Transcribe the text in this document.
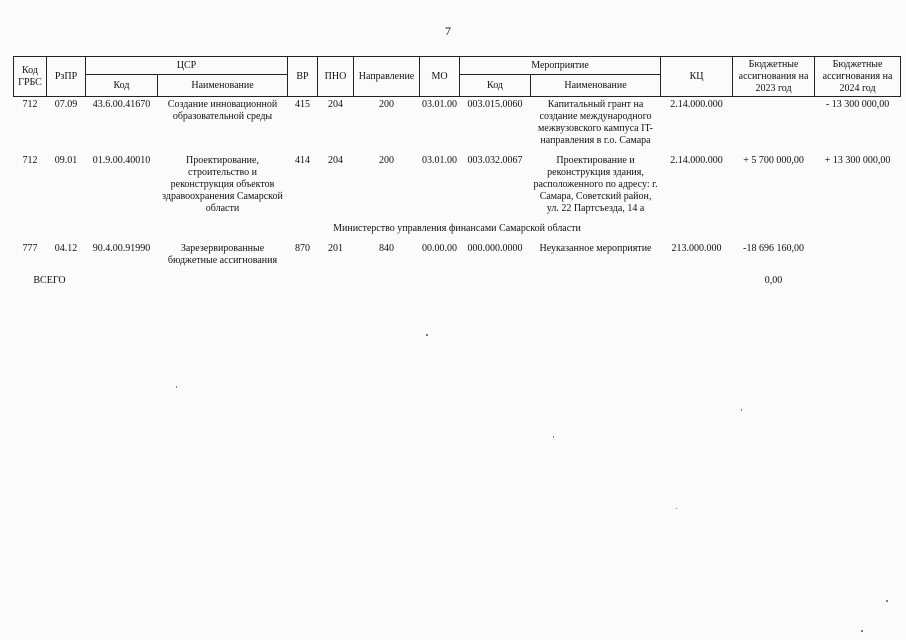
7
Код ГРБС	РзПР	ЦСР		ВР	ПНО	Направление	МО	Мероприятие		КЦ	Бюджетные ассигнования на 2023 год	Бюджетные ассигнования на 2024 год
		Код	Наименование					Код	Наименование			
712	07.09	43.6.00.41670	Создание инновационной образовательной среды	415	204	200	03.01.00	003.015.0060	Капитальный грант на создание международного межвузовского кампуса IT-направления в г.о. Самара	2.14.000.000		- 13 300 000,00
712	09.01	01.9.00.40010	Проектирование, строительство и реконструкция объектов здравоохранения Самарской области	414	204	200	03.01.00	003.032.0067	Проектирование и реконструкция здания, расположенного по адресу: г. Самара, Советский район, ул. 22 Партсъезда, 14 а	2.14.000.000	+ 5 700 000,00	+ 13 300 000,00
Министерство управления финансами Самарской области												
777	04.12	90.4.00.91990	Зарезервированные бюджетные ассигнования	870	201	840	00.00.00	000.000.0000	Неуказанное мероприятие	213.000.000	-18 696 160,00	
ВСЕГО											0,00	
